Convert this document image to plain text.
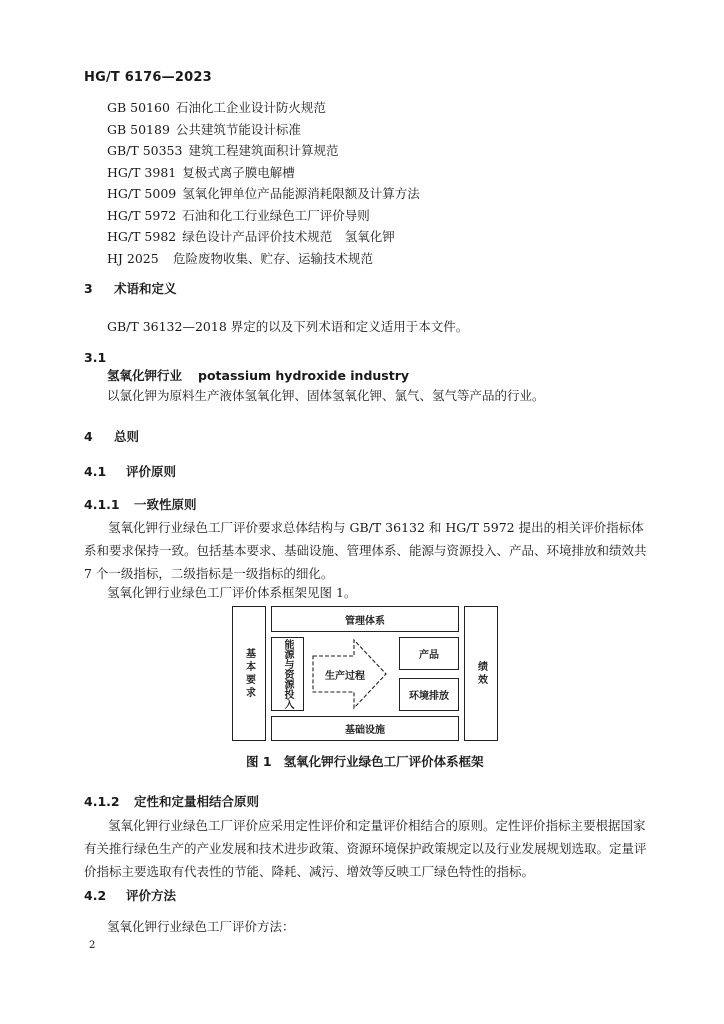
HG/T 6176—2023
GB 50160 石油化工企业设计防火规范
GB 50189 公共建筑节能设计标准
GB/T 50353 建筑工程建筑面积计算规范
HG/T 3981 复极式离子膜电解槽
HG/T 5009 氢氧化钾单位产品能源消耗限额及计算方法
HG/T 5972 石油和化工行业绿色工厂评价导则
HG/T 5982 绿色设计产品评价技术规范　氢氧化钾
HJ 2025 危险废物收集、贮存、运输技术规范
3 术语和定义
GB/T 36132—2018 界定的以及下列术语和定义适用于本文件。
3.1
氢氧化钾行业 potassium hydroxide industry
以氯化钾为原料生产液体氢氧化钾、固体氢氧化钾、氯气、氢气等产品的行业。
4 总则
4.1 评价原则
4.1.1 一致性原则
氢氧化钾行业绿色工厂评价要求总体结构与 GB/T 36132 和 HG/T 5972 提出的相关评价指标体系和要求保持一致。包括基本要求、基础设施、管理体系、能源与资源投入、产品、环境排放和绩效共 7 个一级指标，二级指标是一级指标的细化。
氢氧化钾行业绿色工厂评价体系框架见图 1。
基本要求	绩效
管理体系
基础设施
能源与资源投入	生产过程
产品
环境排放
图 1 氢氧化钾行业绿色工厂评价体系框架
4.1.2 定性和定量相结合原则
氢氧化钾行业绿色工厂评价应采用定性评价和定量评价相结合的原则。定性评价指标主要根据国家有关推行绿色生产的产业发展和技术进步政策、资源环境保护政策规定以及行业发展规划选取。定量评价指标主要选取有代表性的节能、降耗、减污、增效等反映工厂绿色特性的指标。
4.2 评价方法
氢氧化钾行业绿色工厂评价方法：
2
